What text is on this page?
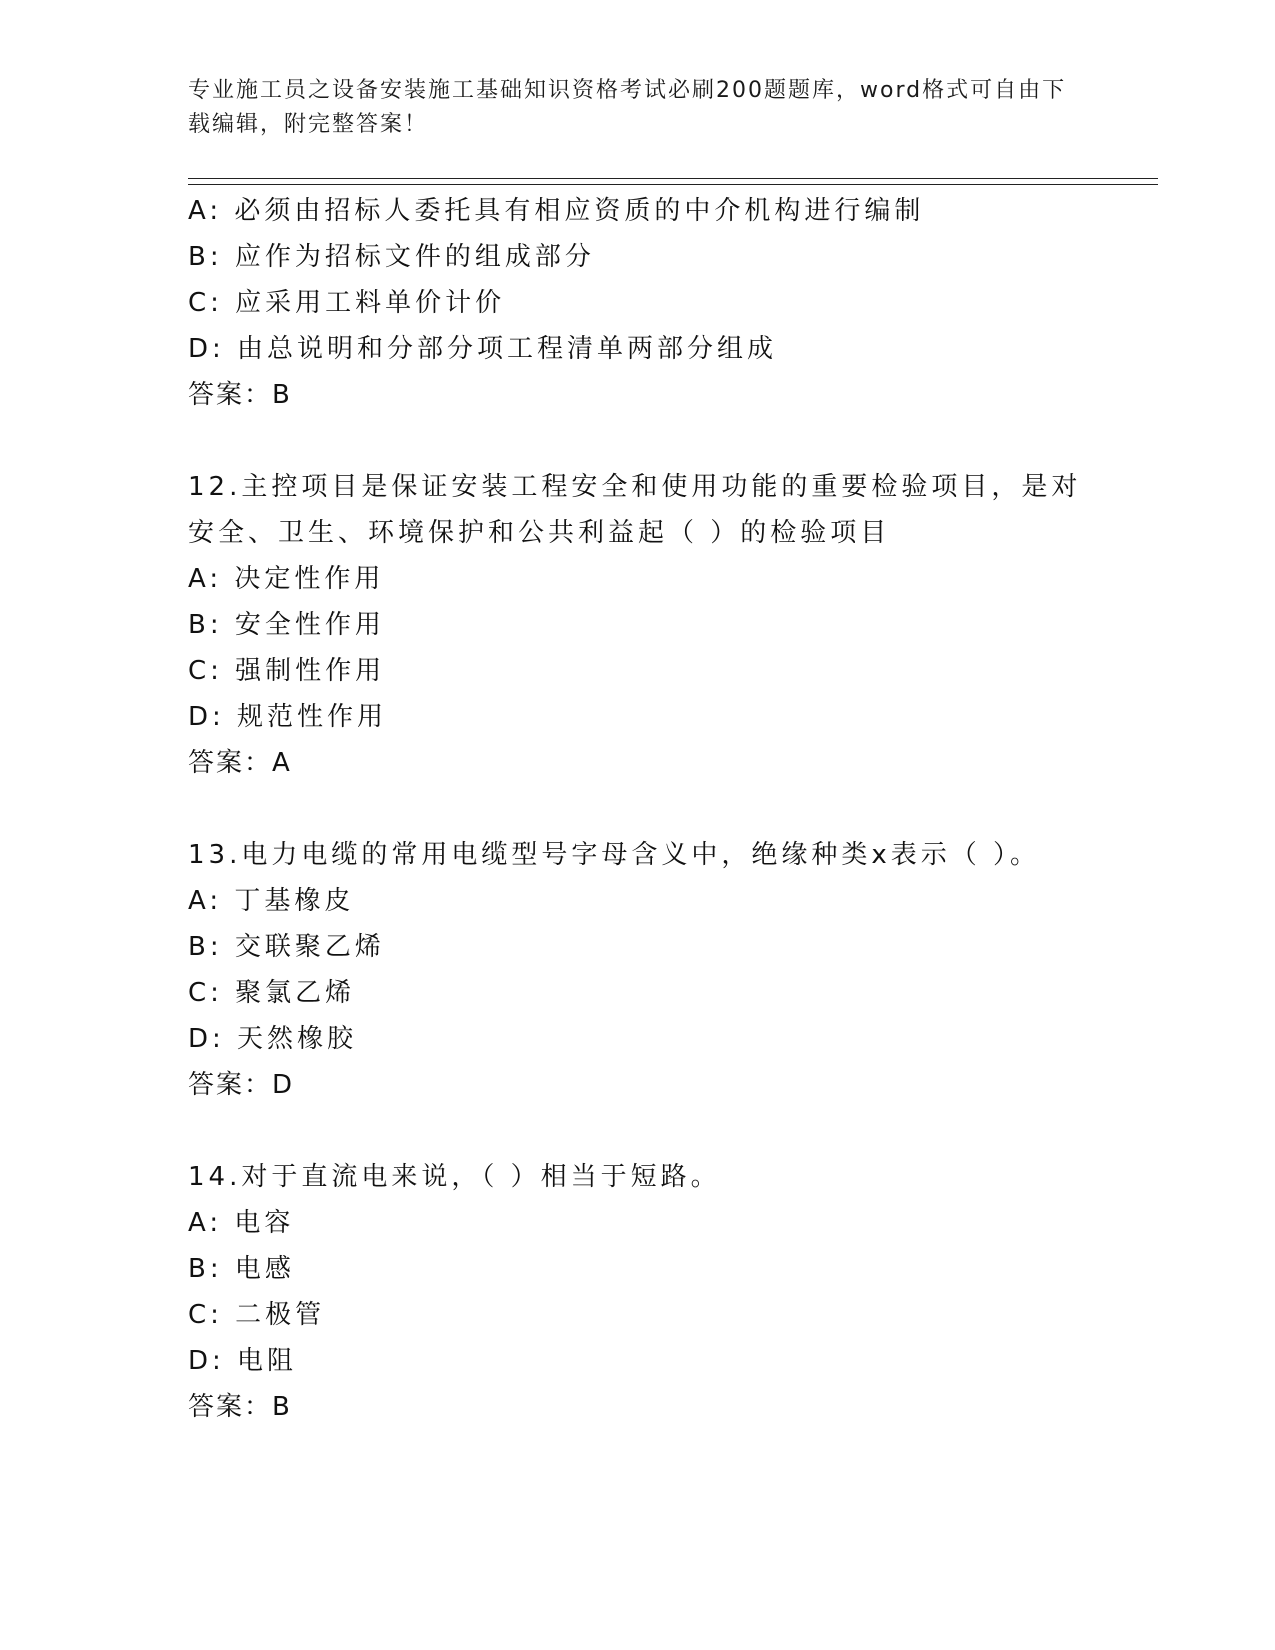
专业施工员之设备安装施工基础知识资格考试必刷200题题库，word格式可自由下载编辑，附完整答案！
A: 必须由招标人委托具有相应资质的中介机构进行编制
B: 应作为招标文件的组成部分
C: 应采用工料单价计价
D: 由总说明和分部分项工程清单两部分组成
答案：B
12.主控项目是保证安装工程安全和使用功能的重要检验项目，是对安全、卫生、环境保护和公共利益起（ ）的检验项目
A: 决定性作用
B: 安全性作用
C: 强制性作用
D: 规范性作用
答案：A
13.电力电缆的常用电缆型号字母含义中，绝缘种类x表示（ ）。
A: 丁基橡皮
B: 交联聚乙烯
C: 聚氯乙烯
D: 天然橡胶
答案：D
14.对于直流电来说，（ ）相当于短路。
A: 电容
B: 电感
C: 二极管
D: 电阻
答案：B
